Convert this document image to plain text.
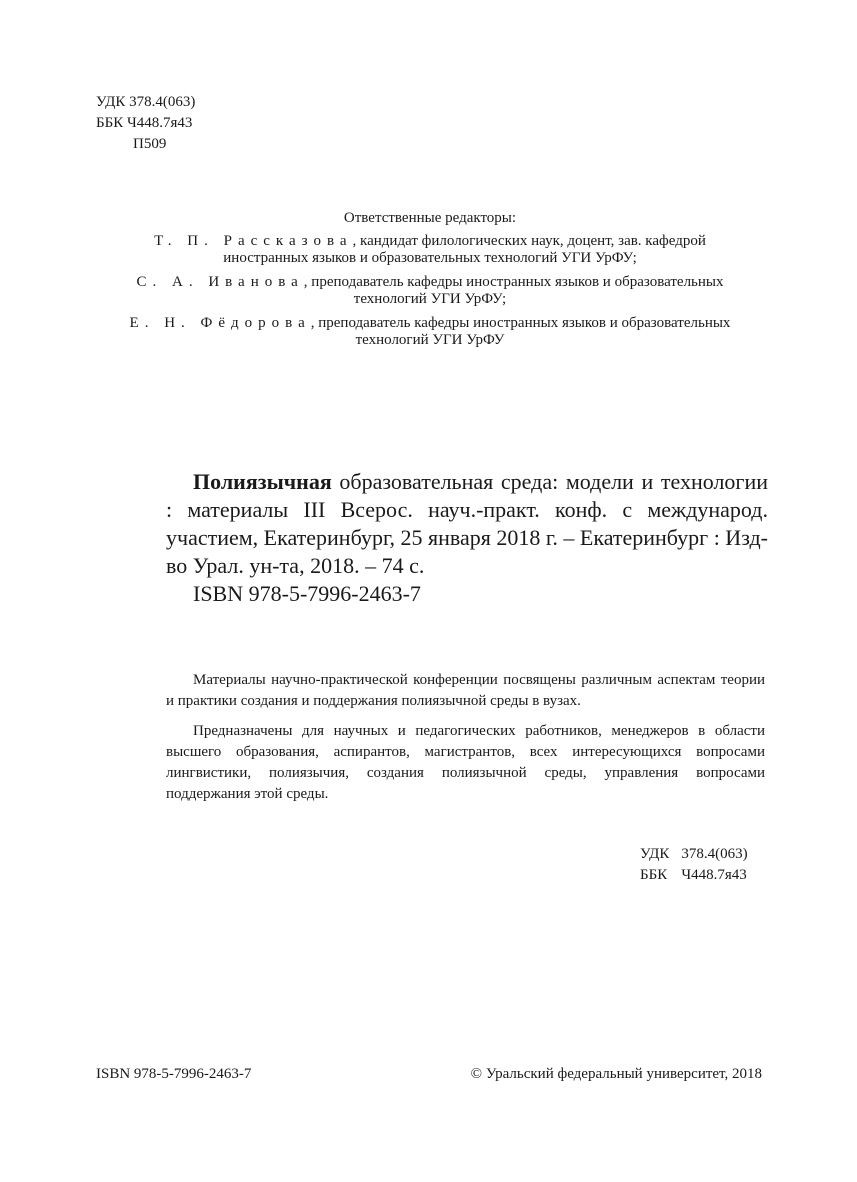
УДК 378.4(063)
ББК Ч448.7я43
П509
Ответственные редакторы:
Т. П. Рассказова, кандидат филологических наук, доцент, зав. кафедрой иностранных языков и образовательных технологий УГИ УрФУ;
С. А. Иванова, преподаватель кафедры иностранных языков и образовательных технологий УГИ УрФУ;
Е. Н. Фёдорова, преподаватель кафедры иностранных языков и образовательных технологий УГИ УрФУ
Полиязычная образовательная среда: модели и технологии : материалы III Всерос. науч.-практ. конф. с международ. участием, Екатеринбург, 25 января 2018 г. – Екатеринбург : Изд-во Урал. ун-та, 2018. – 74 с.
ISBN 978-5-7996-2463-7

Материалы научно-практической конференции посвящены различным аспектам теории и практики создания и поддержания полиязычной среды в вузах.

Предназначены для научных и педагогических работников, менеджеров в области высшего образования, аспирантов, магистрантов, всех интересующихся вопросами лингвистики, полиязычия, создания полиязычной среды, управления вопросами поддержания этой среды.

УДК	378.4(063)
ББК	Ч448.7я43
ISBN 978-5-7996-2463-7	© Уральский федеральный университет, 2018
